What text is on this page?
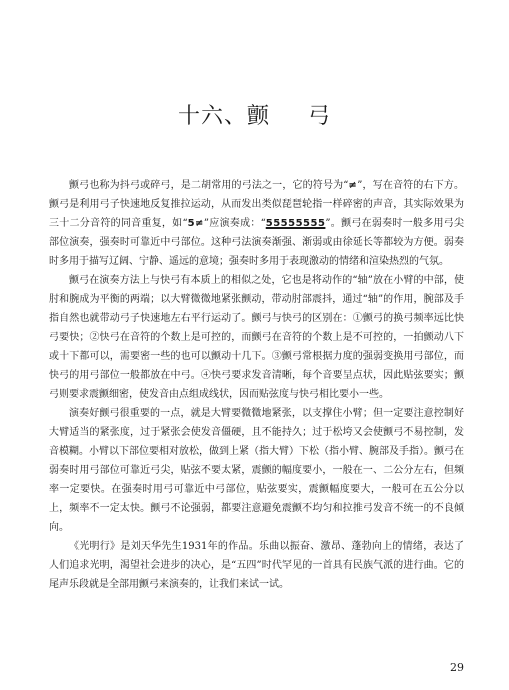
十六、颤 弓

颤弓也称为抖弓或碎弓，是二胡常用的弓法之一，它的符号为“≠”，写在音符的右下方。颤弓是利用弓子快速地反复推拉运动，从而发出类似琵琶轮指一样碎密的声音，其实际效果为三十二分音符的同音重复，如“5≠”应演奏成：“55555555”。颤弓在弱奏时一般多用弓尖部位演奏，强奏时可靠近中弓部位。这种弓法演奏渐强、渐弱或由徐延长等都较为方便。弱奏时多用于描写辽阔、宁静、遥远的意境；强奏时多用于表现激动的情绪和渲染热烈的气氛。

颤弓在演奏方法上与快弓有本质上的相似之处，它也是将动作的“轴”放在小臂的中部，使肘和腕成为平衡的两端；以大臂微微地紧张颤动，带动肘部震抖，通过“轴”的作用，腕部及手指自然也就带动弓子快速地左右平行运动了。颤弓与快弓的区别在：①颤弓的换弓频率远比快弓要快；②快弓在音符的个数上是可控的，而颤弓在音符的个数上是不可控的，一拍颤动八下或十下都可以，需要密一些的也可以颤动十几下。③颤弓常根据力度的强弱变换用弓部位，而快弓的用弓部位一般都放在中弓。④快弓要求发音清晰，每个音要呈点状，因此贴弦要实；颤弓则要求震颤细密，使发音由点组成线状，因而贴弦度与快弓相比要小一些。

演奏好颤弓很重要的一点，就是大臂要微微地紧张，以支撑住小臂；但一定要注意控制好大臂适当的紧张度，过于紧张会使发音僵硬，且不能持久；过于松垮又会使颤弓不易控制，发音模糊。小臂以下部位要相对放松，做到上紧（指大臂）下松（指小臂、腕部及手指）。颤弓在弱奏时用弓部位可靠近弓尖，贴弦不要太紧，震颤的幅度要小，一般在一、二公分左右，但频率一定要快。在强奏时用弓可靠近中弓部位，贴弦要实，震颤幅度要大，一般可在五公分以上，频率不一定太快。颤弓不论强弱，都要注意避免震颤不均匀和拉推弓发音不统一的不良倾向。

《光明行》是刘天华先生1931年的作品。乐曲以振奋、激昂、蓬勃向上的情绪，表达了人们追求光明，渴望社会进步的决心，是“五四”时代罕见的一首具有民族气派的进行曲。它的尾声乐段就是全部用颤弓来演奏的，让我们来试一试。

29
